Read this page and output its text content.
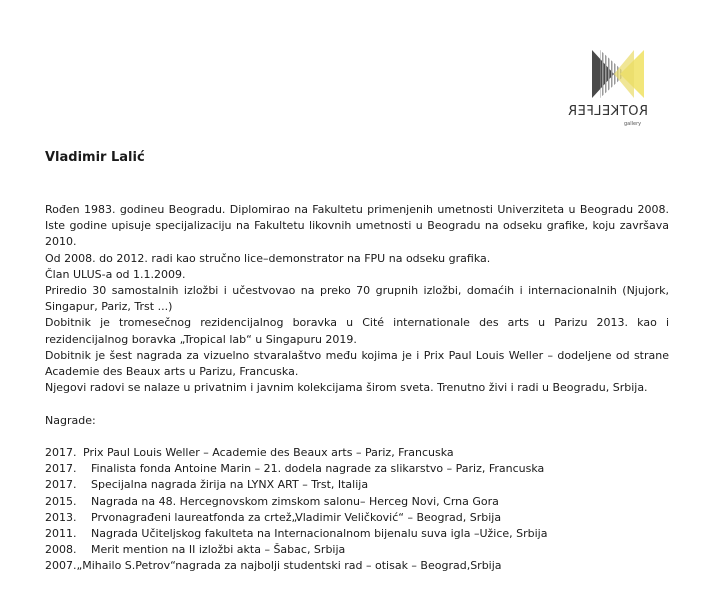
ROTKELFER
gallery
Vladimir Lalić

Rođen 1983. godineu Beogradu. Diplomirao na Fakultetu primenjenih umetnosti Univerziteta u Beogradu 2008. Iste godine upisuje specijalizaciju na Fakultetu likovnih umetnosti u Beogradu na odseku grafike, koju završava 2010.

Od 2008. do 2012. radi kao stručno lice–demonstrator na FPU na odseku grafika.

Član ULUS-a od 1.1.2009.

Priredio 30 samostalnih izložbi i učestvovao na preko 70 grupnih izložbi, domaćih i internacionalnih (Njujork, Singapur, Pariz, Trst ...)

Dobitnik je tromesečnog rezidencijalnog boravka u Cité internationale des arts u Parizu 2013. kao i rezidencijalnog boravka „Tropical lab“ u Singapuru 2019.

Dobitnik je šest nagrada za vizuelno stvaralaštvo među kojima je i Prix Paul Louis Weller – dodeljene od strane Academie des Beaux arts u Parizu, Francuska.

Njegovi radovi se nalaze u privatnim i javnim kolekcijama širom sveta. Trenutno živi i radi u Beogradu, Srbija.

Nagrade:
2017. Prix Paul Louis Weller – Academie des Beaux arts – Pariz, Francuska
2017. Finalista fonda Antoine Marin – 21. dodela nagrade za slikarstvo – Pariz, Francuska
2017. Specijalna nagrada žirija na LYNX ART – Trst, Italija
2015. Nagrada na 48. Hercegnovskom zimskom salonu– Herceg Novi, Crna Gora
2013. Prvonagrađeni laureatfonda za crtež„Vladimir Veličković“ – Beograd, Srbija
2011. Nagrada Učiteljskog fakulteta na Internacionalnom bijenalu suva igla –Užice, Srbija
2008. Merit mention na II izložbi akta – Šabac, Srbija
2007.„Mihailo S.Petrov“nagrada za najbolji studentski rad – otisak – Beograd,Srbija
